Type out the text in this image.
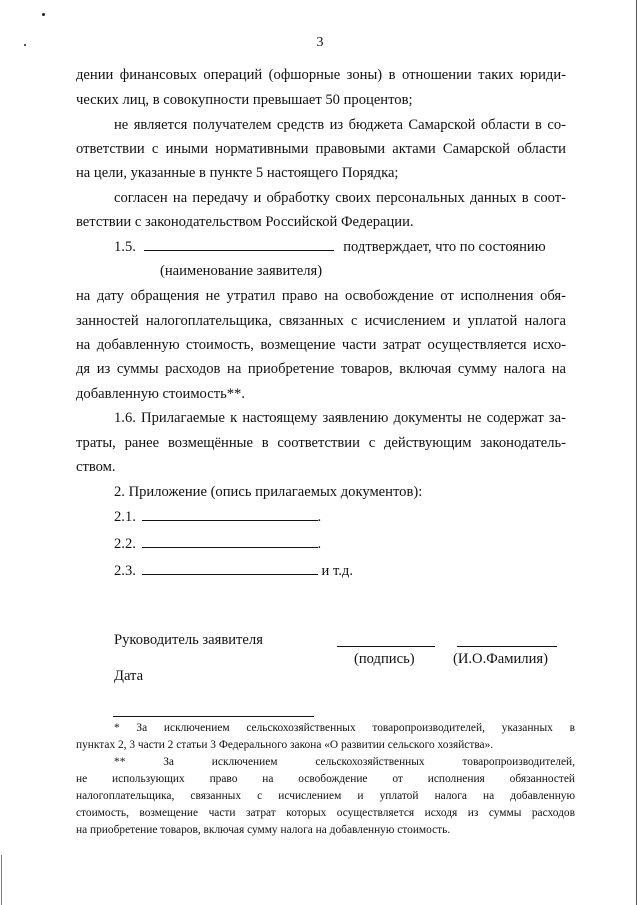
3
дении финансовых операций (офшорные зоны) в отношении таких юриди-
ческих лиц, в совокупности превышает 50 процентов;
не является получателем средств из бюджета Самарской области в со-
ответствии с иными нормативными правовыми актами Самарской области
на цели, указанные в пункте 5 настоящего Порядка;
согласен на передачу и обработку своих персональных данных в соот-
ветствии с законодательством Российской Федерации.
1.5.	подтверждает, что по состоянию
(наименование заявителя)
на дату обращения не утратил право на освобождение от исполнения обя-
занностей налогоплательщика, связанных с исчислением и уплатой налога
на добавленную стоимость, возмещение части затрат осуществляется исхо-
дя из суммы расходов на приобретение товаров, включая сумму налога на
добавленную стоимость**.
1.6. Прилагаемые к настоящему заявлению документы не содержат за-
траты, ранее возмещённые в соответствии с действующим законодатель-
ством.
2. Приложение (опись прилагаемых документов):
2.1.	.
2.2.	.
2.3.	и т.д.
Руководитель заявителя
(подпись)	(И.О.Фамилия)
Дата
* За исключением сельскохозяйственных товаропроизводителей, указанных в
пунктах 2, 3 части 2 статьи 3 Федерального закона «О развитии сельского хозяйства».
** За исключением сельскохозяйственных товаропроизводителей,
не использующих право на освобождение от исполнения обязанностей
налогоплательщика, связанных с исчислением и уплатой налога на добавленную
стоимость, возмещение части затрат которых осуществляется исходя из суммы расходов
на приобретение товаров, включая сумму налога на добавленную стоимость.
